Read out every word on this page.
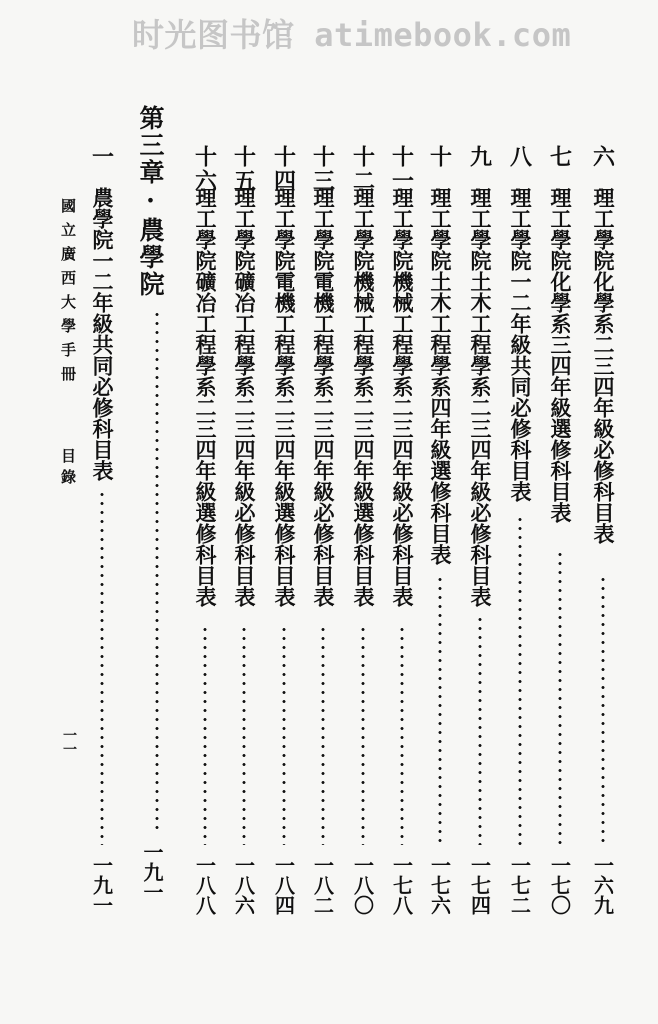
时光图书馆 atimebook.com
六
理工學院化學系二三四年級必修科目表
一六九
七
理工學院化學系三四年級選修科目表
一七〇
八
理工學院一二年級共同必修科目表
一七二
九
理工學院土木工程學系二三四年級必修科目表
一七四
十
理工學院土木工程學系四年級選修科目表
一七六
十一
理工學院機械工程學系二三四年級必修科目表
一七八
十二
理工學院機械工程學系二三四年級選修科目表
一八〇
十三
理工學院電機工程學系二三四年級必修科目表
一八二
十四
理工學院電機工程學系二三四年級選修科目表
一八四
十五
理工學院礦冶工程學系二三四年級必修科目表
一八六
十六
理工學院礦冶工程學系二三四年級選修科目表
一八八
第三章·農學院
一九一
一
農學院一二年級共同必修科目表
一九一
國立廣西大學手冊
目錄
一一
